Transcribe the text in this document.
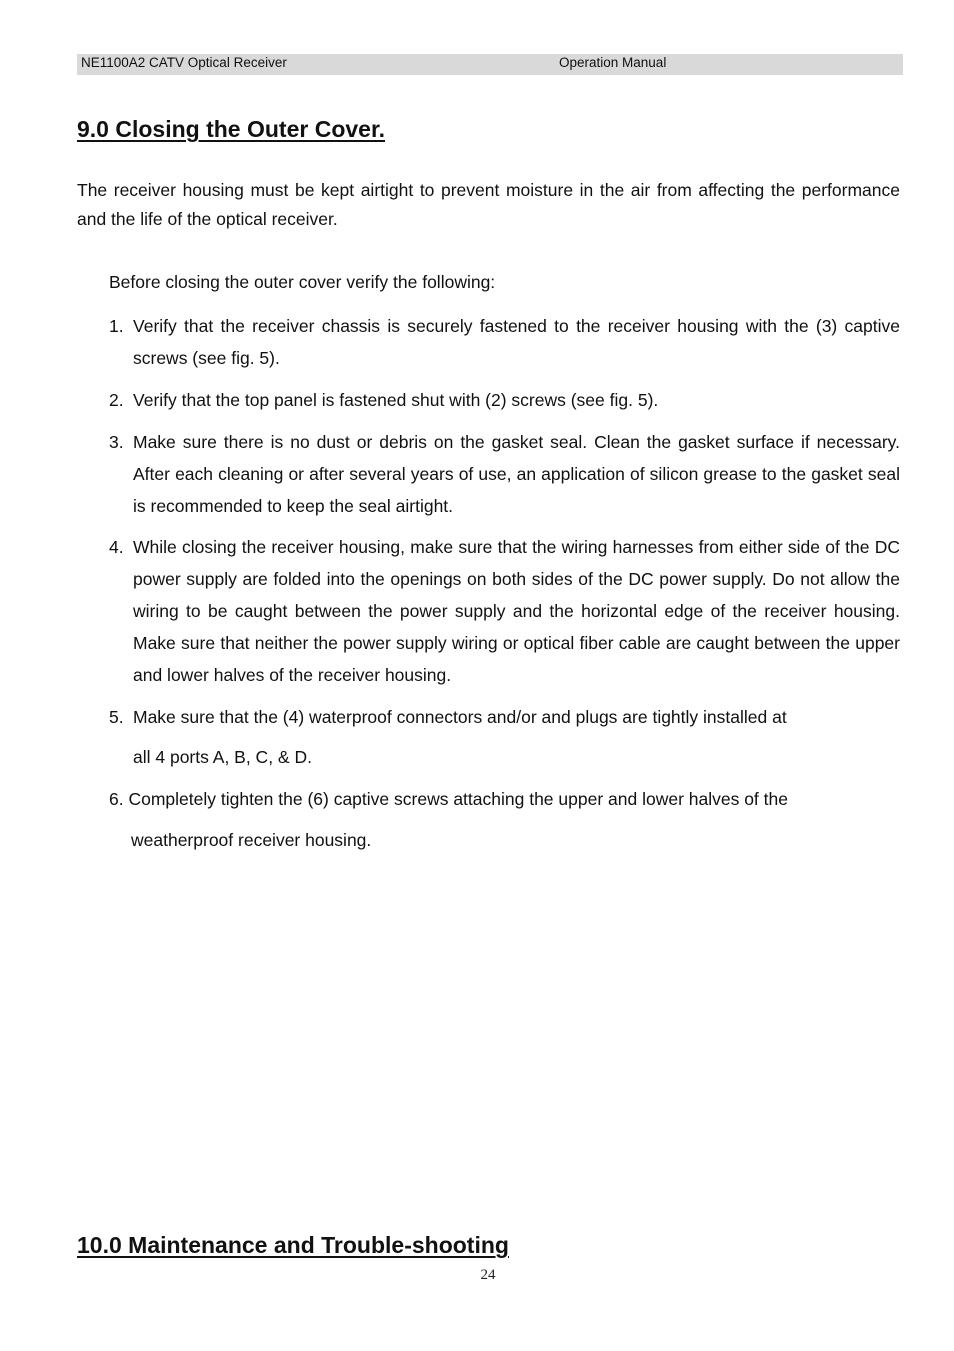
NE1100A2 CATV Optical Receiver	Operation Manual
9.0 Closing the Outer Cover.

The receiver housing must be kept airtight to prevent moisture in the air from affecting the performance and the life of the optical receiver.

Before closing the outer cover verify the following:

1. Verify that the receiver chassis is securely fastened to the receiver housing with the (3) captive screws (see fig. 5).
2. Verify that the top panel is fastened shut with (2) screws (see fig. 5).
3. Make sure there is no dust or debris on the gasket seal. Clean the gasket surface if necessary. After each cleaning or after several years of use, an application of silicon grease to the gasket seal is recommended to keep the seal airtight.
4. While closing the receiver housing, make sure that the wiring harnesses from either side of the DC power supply are folded into the openings on both sides of the DC power supply. Do not allow the wiring to be caught between the power supply and the horizontal edge of the receiver housing. Make sure that neither the power supply wiring or optical fiber cable are caught between the upper and lower halves of the receiver housing.
5. Make sure that the (4) waterproof connectors and/or and plugs are tightly installed at

all 4 ports A, B, C, & D.

6. Completely tighten the (6) captive screws attaching the upper and lower halves of the

weatherproof receiver housing.

10.0 Maintenance and Trouble-shooting
24
